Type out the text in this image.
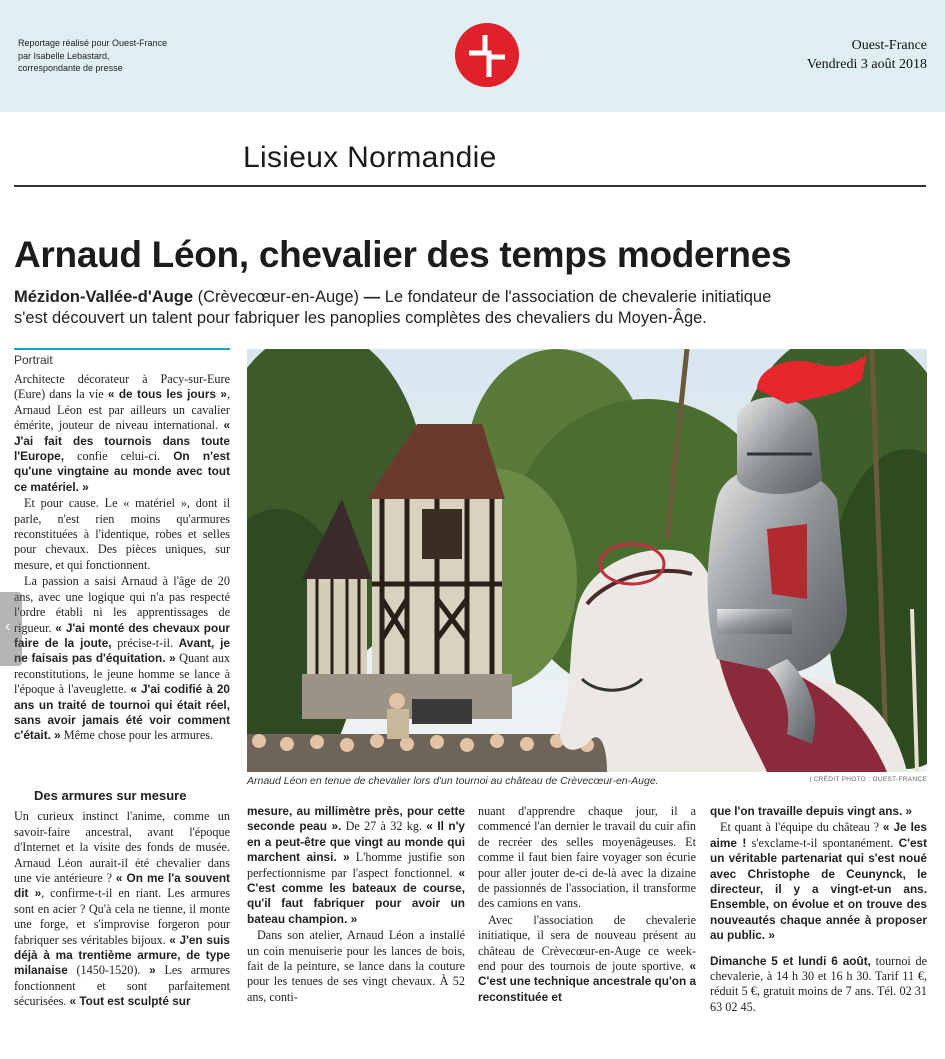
Reportage réalisé pour Ouest-France
par Isabelle Lebastard,
correspondante de presse
Ouest-France
Vendredi 3 août 2018
Lisieux Normandie
Arnaud Léon, chevalier des temps modernes
Mézidon-Vallée-d'Auge (Crèvecœur-en-Auge) — Le fondateur de l'association de chevalerie initiatique
s'est découvert un talent pour fabriquer les panoplies complètes des chevaliers du Moyen-Âge.
Portrait

Architecte décorateur à Pacy-sur-Eure (Eure) dans la vie « de tous les jours », Arnaud Léon est par ailleurs un cavalier émérite, jouteur de niveau international. « J'ai fait des tournois dans toute l'Europe, confie celui-ci. On n'est qu'une vingtaine au monde avec tout ce matériel. »

Et pour cause. Le « matériel », dont il parle, n'est rien moins qu'armures reconstituées à l'identique, robes et selles pour chevaux. Des pièces uniques, sur mesure, et qui fonctionnent.

La passion a saisi Arnaud à l'âge de 20 ans, avec une logique qui n'a pas respecté l'ordre établi ni les apprentissages de rigueur. « J'ai monté des chevaux pour faire de la joute, précise-t-il. Avant, je ne faisais pas d'équitation. » Quant aux reconstitutions, le jeune homme se lance à l'époque à l'aveuglette. « J'ai codifié à 20 ans un traité de tournoi qui était réel, sans avoir jamais été voir comment c'était. » Même chose pour les armures.

Des armures sur mesure

Un curieux instinct l'anime, comme un savoir-faire ancestral, avant l'époque d'Internet et la visite des fonds de musée. Arnaud Léon aurait-il été chevalier dans une vie antérieure ? « On me l'a souvent dit », confirme-t-il en riant. Les armures sont en acier ? Qu'à cela ne tienne, il monte une forge, et s'improvise forgeron pour fabriquer ses véritables bijoux. « J'en suis déjà à ma trentième armure, de type milanaise (1450-1520). » Les armures fonctionnent et sont parfaitement sécurisées. « Tout est sculpté sur

Arnaud Léon en tenue de chevalier lors d'un tournoi au château de Crèvecœur-en-Auge.	| CRÉDIT PHOTO : OUEST-FRANCE

mesure, au millimètre près, pour cette seconde peau ». De 27 à 32 kg. « Il n'y en a peut-être que vingt au monde qui marchent ainsi. » L'homme justifie son perfectionnisme par l'aspect fonctionnel. « C'est comme les bateaux de course, qu'il faut fabriquer pour avoir un bateau champion. »

Dans son atelier, Arnaud Léon a installé un coin menuiserie pour les lances de bois, fait de la peinture, se lance dans la couture pour les tenues de ses vingt chevaux. À 52 ans, conti-

nuant d'apprendre chaque jour, il a commencé l'an dernier le travail du cuir afin de recréer des selles moyenâgeuses. Et comme il faut bien faire voyager son écurie pour aller jouter de-ci de-là avec la dizaine de passionnés de l'association, il transforme des camions en vans.

Avec l'association de chevalerie initiatique, il sera de nouveau présent au château de Crèvecœur-en-Auge ce week-end pour des tournois de joute sportive. « C'est une technique ancestrale qu'on a reconstituée et

que l'on travaille depuis vingt ans. »

Et quant à l'équipe du château ? « Je les aime ! s'exclame-t-il spontanément. C'est un véritable partenariat qui s'est noué avec Christophe de Ceunynck, le directeur, il y a vingt-et-un ans. Ensemble, on évolue et on trouve des nouveautés chaque année à proposer au public. »

Dimanche 5 et lundi 6 août, tournoi de chevalerie, à 14 h 30 et 16 h 30. Tarif 11 €, réduit 5 €, gratuit moins de 7 ans. Tél. 02 31 63 02 45.

‹
